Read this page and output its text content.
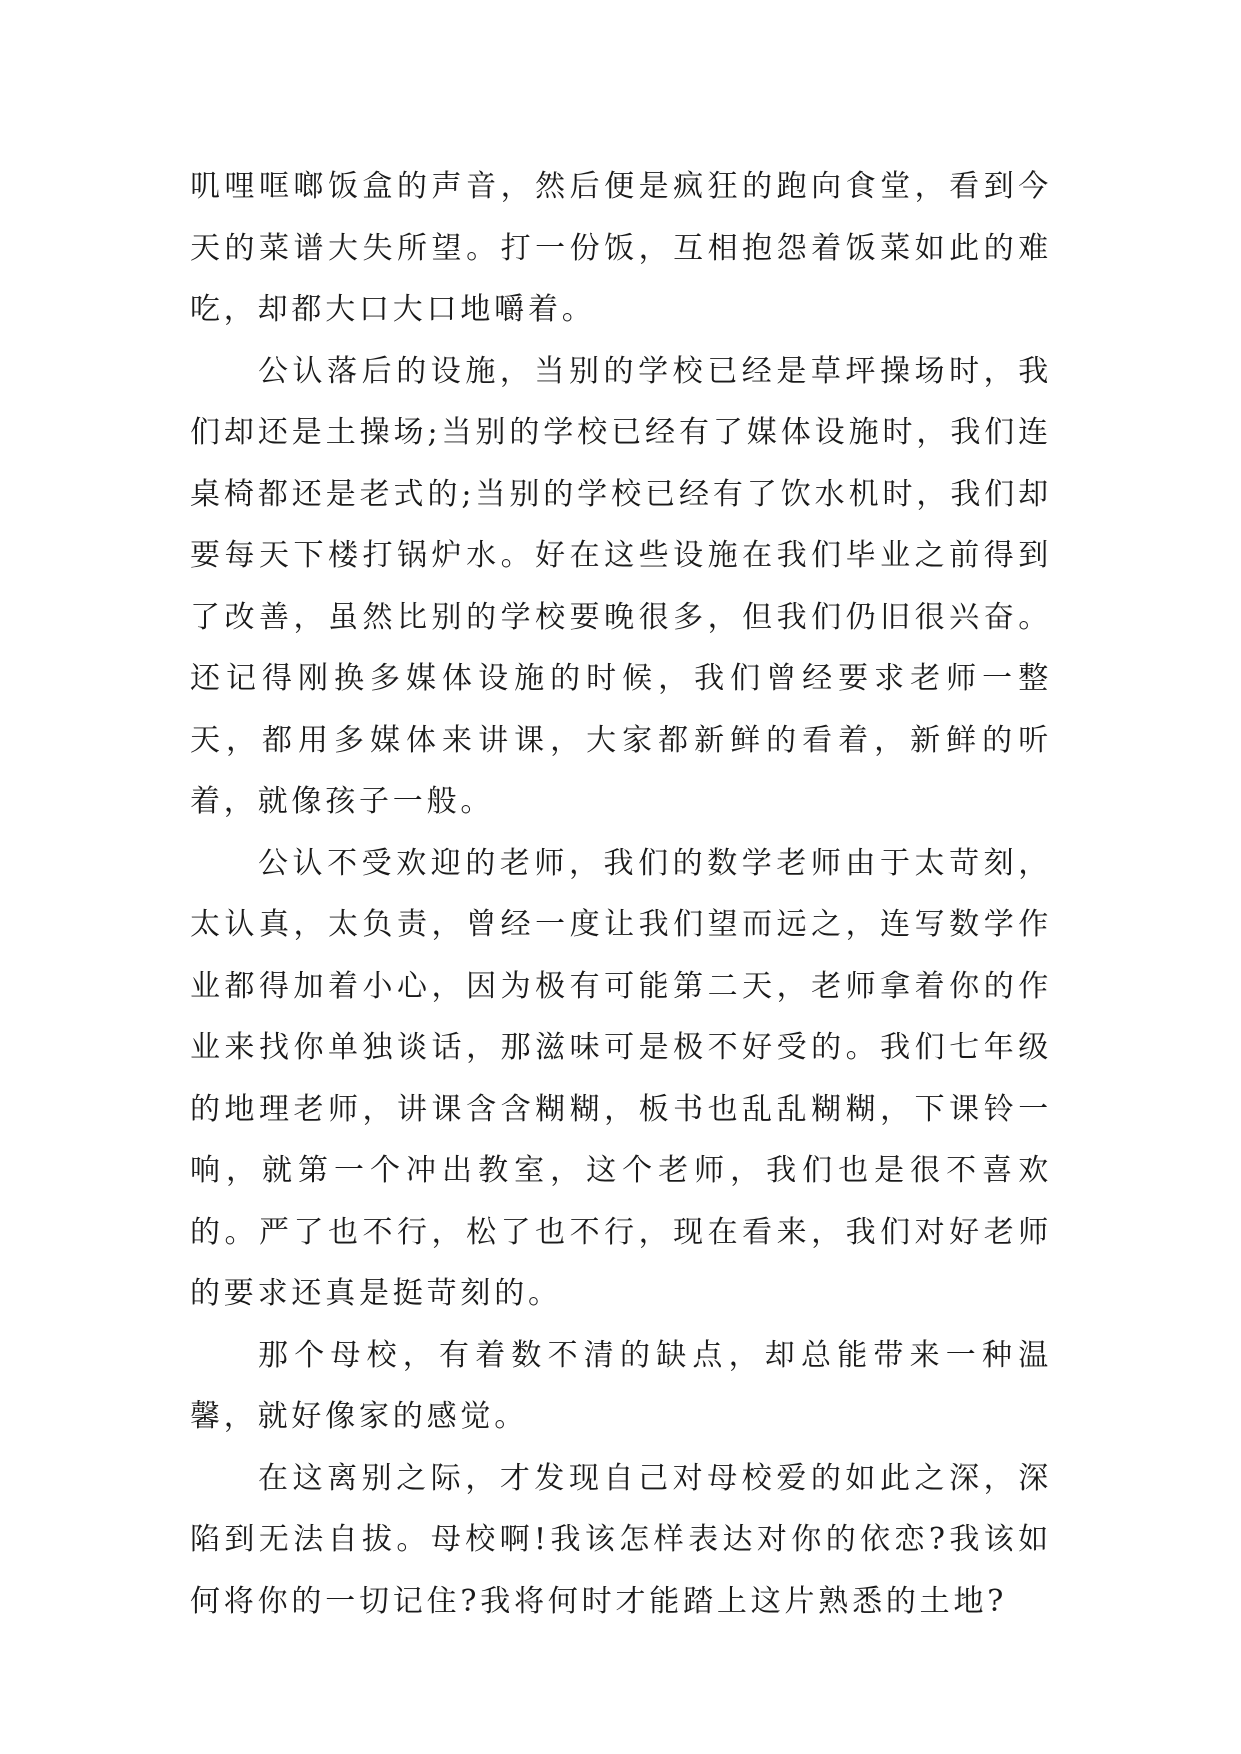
叽哩哐啷饭盒的声音，然后便是疯狂的跑向食堂，看到今天的菜谱大失所望。打一份饭，互相抱怨着饭菜如此的难吃，却都大口大口地嚼着。

公认落后的设施，当别的学校已经是草坪操场时，我们却还是土操场;当别的学校已经有了媒体设施时，我们连桌椅都还是老式的;当别的学校已经有了饮水机时，我们却要每天下楼打锅炉水。好在这些设施在我们毕业之前得到了改善，虽然比别的学校要晚很多，但我们仍旧很兴奋。还记得刚换多媒体设施的时候，我们曾经要求老师一整天，都用多媒体来讲课，大家都新鲜的看着，新鲜的听着，就像孩子一般。

公认不受欢迎的老师，我们的数学老师由于太苛刻，太认真，太负责，曾经一度让我们望而远之，连写数学作业都得加着小心，因为极有可能第二天，老师拿着你的作业来找你单独谈话，那滋味可是极不好受的。我们七年级的地理老师，讲课含含糊糊，板书也乱乱糊糊，下课铃一响，就第一个冲出教室，这个老师，我们也是很不喜欢的。严了也不行，松了也不行，现在看来，我们对好老师的要求还真是挺苛刻的。

那个母校，有着数不清的缺点，却总能带来一种温馨，就好像家的感觉。

在这离别之际，才发现自己对母校爱的如此之深，深陷到无法自拔。母校啊!我该怎样表达对你的依恋?我该如何将你的一切记住?我将何时才能踏上这片熟悉的土地?
